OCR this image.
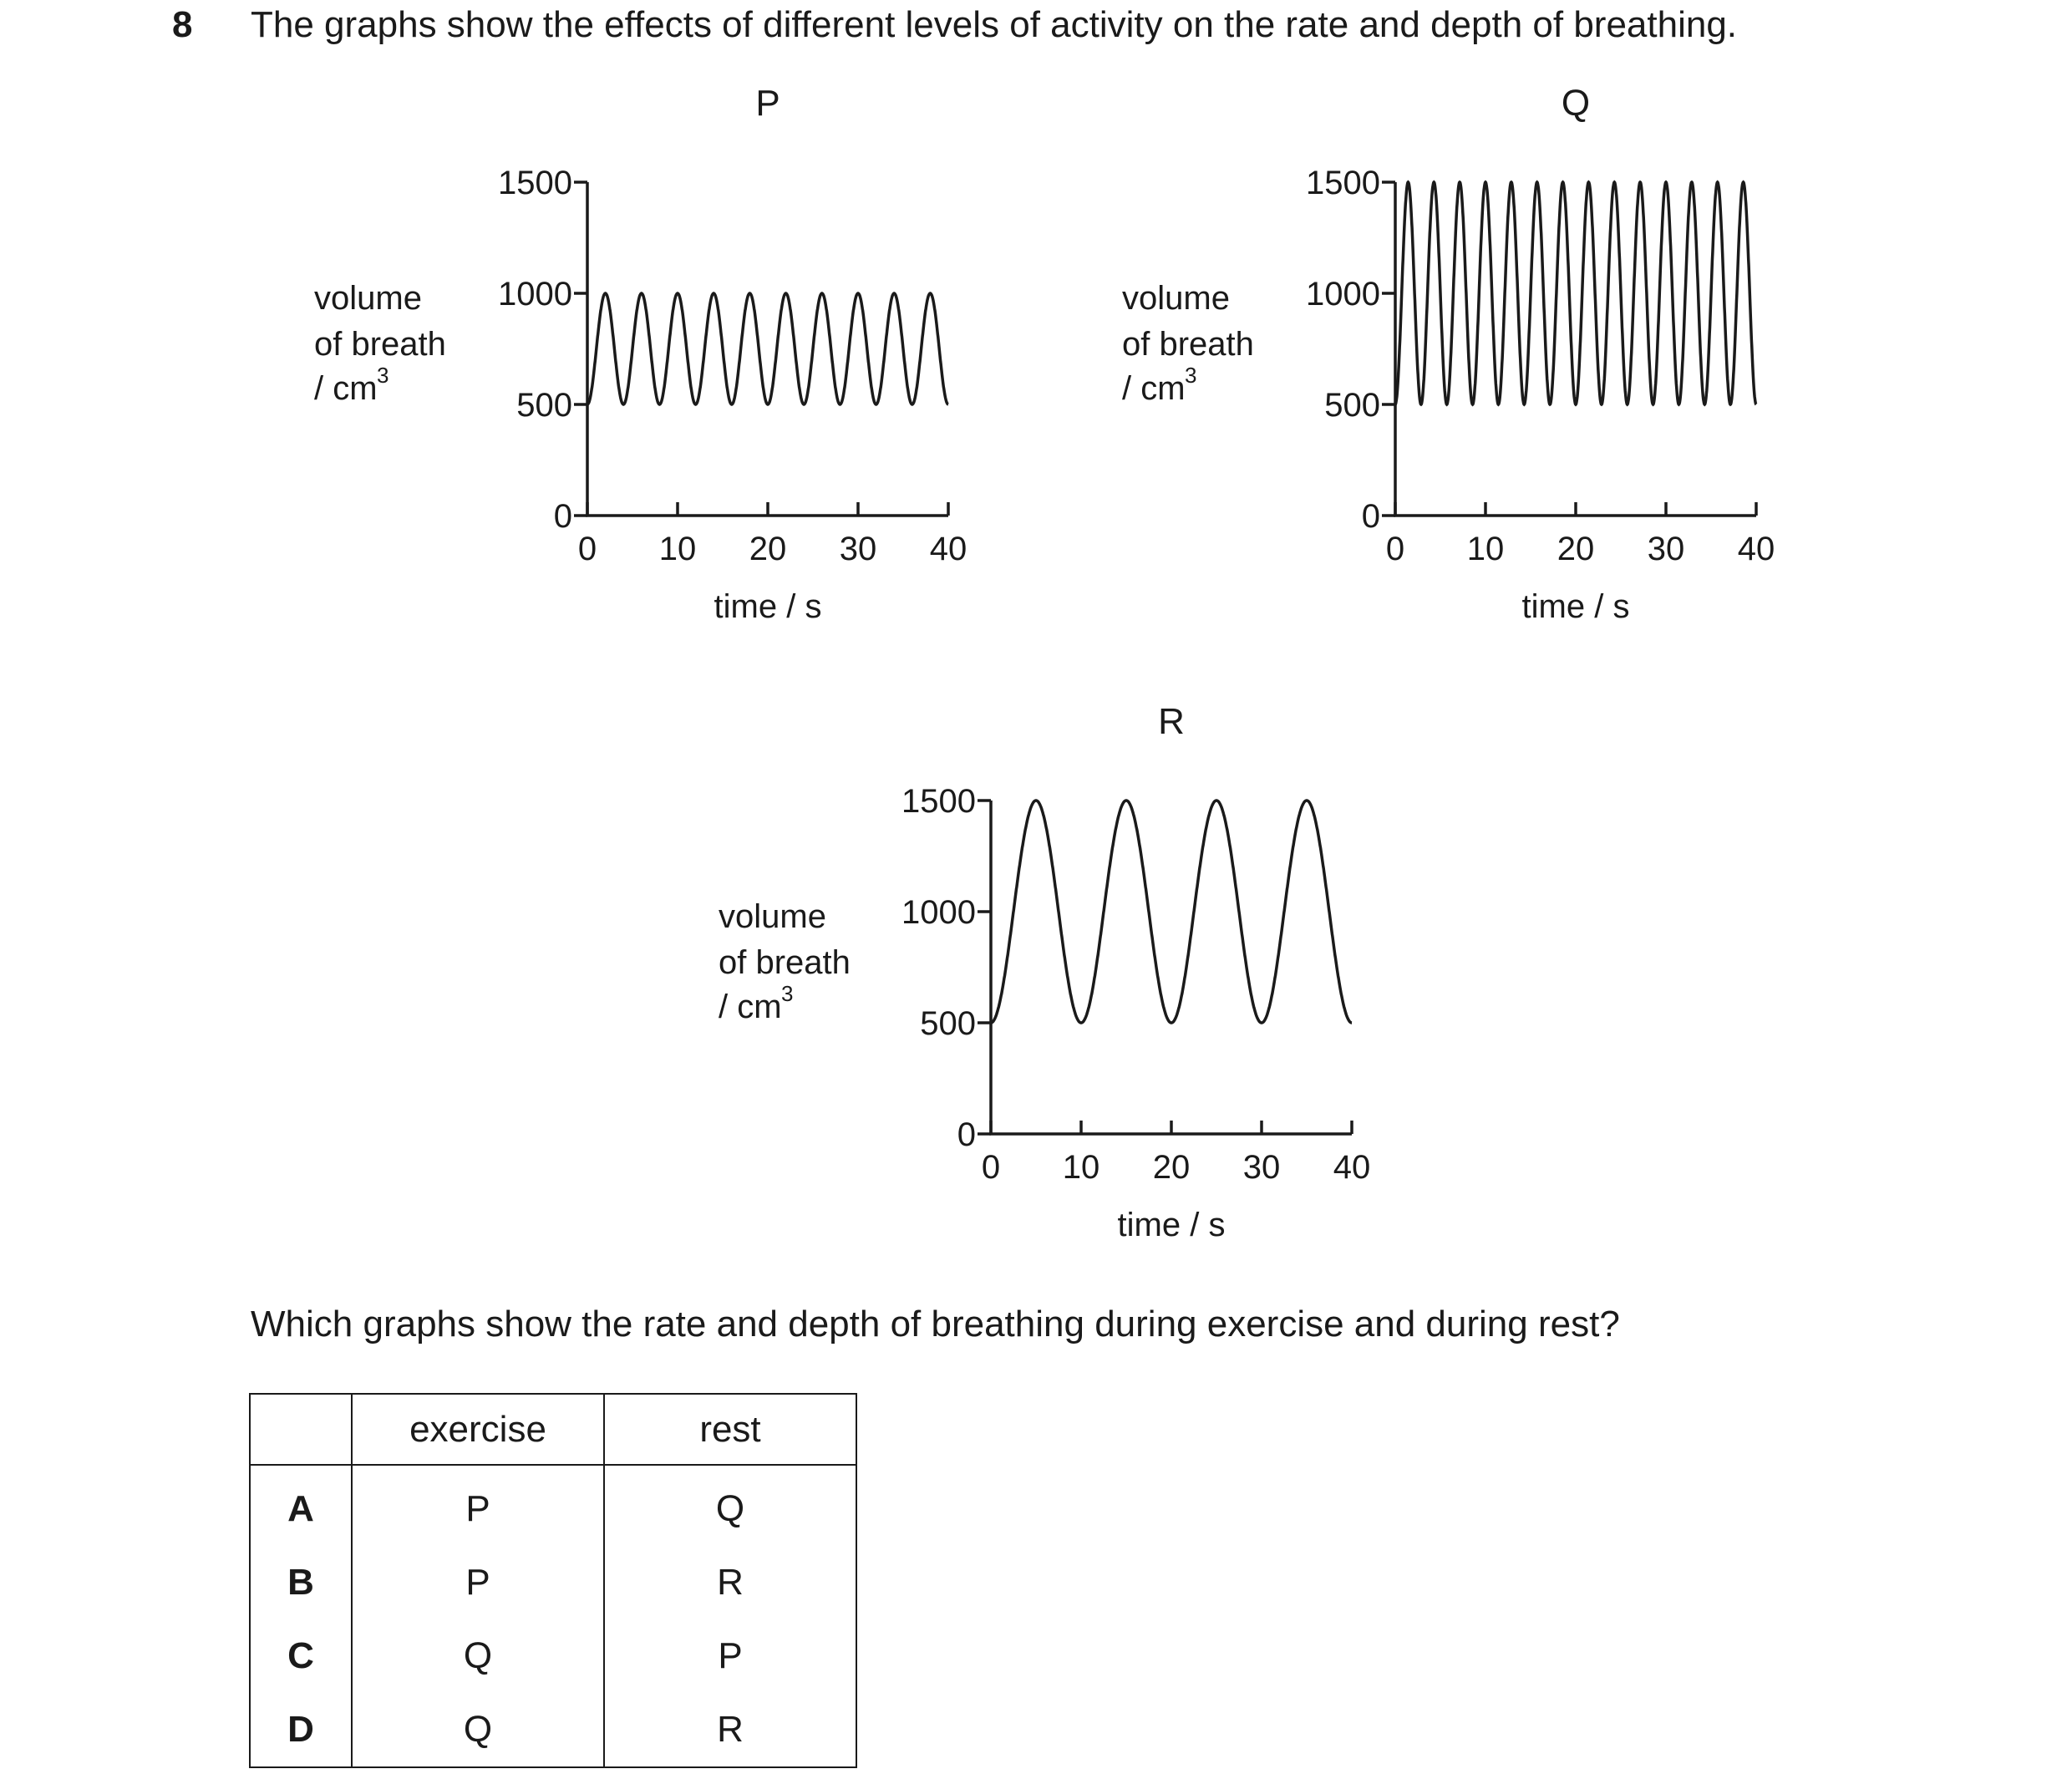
8 The graphs show the effects of different levels of activity on the rate and depth of breathing.
P
0
500
1000
1500
0 10 20 30 40
time / s
volume
of breath
/ cm 3
Q
0
500
1000
1500
0 10 20 30 40
time / s
volume
of breath
/ cm 3
R
0
500
1000
1500
0 10 20 30 40
time / s
volume
of breath
/ cm 3
Which graphs show the rate and depth of breathing during exercise and during rest?
	exercise	rest
A	P	Q
B	P	R
C	Q	P
D	Q	R
